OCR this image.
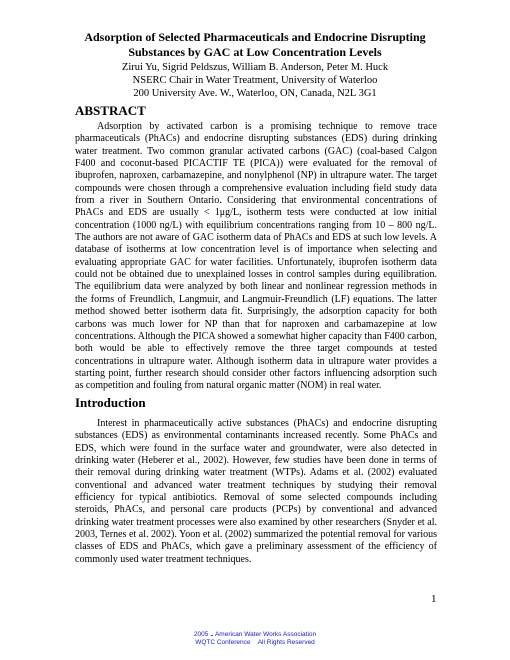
Adsorption of Selected Pharmaceuticals and Endocrine Disrupting
Substances by GAC at Low Concentration Levels
Zirui Yu, Sigrid Peldszus, William B. Anderson, Peter M. Huck
NSERC Chair in Water Treatment, University of Waterloo
200 University Ave. W., Waterloo, ON, Canada, N2L 3G1
ABSTRACT

Adsorption by activated carbon is a promising technique to remove trace pharmaceuticals (PhACs) and endocrine disrupting substances (EDS) during drinking water treatment. Two common granular activated carbons (GAC) (coal-based Calgon F400 and coconut-based PICACTIF TE (PICA)) were evaluated for the removal of ibuprofen, naproxen, carbamazepine, and nonylphenol (NP) in ultrapure water. The target compounds were chosen through a comprehensive evaluation including field study data from a river in Southern Ontario. Considering that environmental concentrations of PhACs and EDS are usually < 1μg/L, isotherm tests were conducted at low initial concentration (1000 ng/L) with equilibrium concentrations ranging from 10 – 800 ng/L. The authors are not aware of GAC isotherm data of PhACs and EDS at such low levels. A database of isotherms at low concentration level is of importance when selecting and evaluating appropriate GAC for water facilities. Unfortunately, ibuprofen isotherm data could not be obtained due to unexplained losses in control samples during equilibration. The equilibrium data were analyzed by both linear and nonlinear regression methods in the forms of Freundlich, Langmuir, and Langmuir-Freundlich (LF) equations. The latter method showed better isotherm data fit. Surprisingly, the adsorption capacity for both carbons was much lower for NP than that for naproxen and carbamazepine at low concentrations. Although the PICA showed a somewhat higher capacity than F400 carbon, both would be able to effectively remove the three target compounds at tested concentrations in ultrapure water. Although isotherm data in ultrapure water provides a starting point, further research should consider other factors influencing adsorption such as competition and fouling from natural organic matter (NOM) in real water.

Introduction

Interest in pharmaceutically active substances (PhACs) and endocrine disrupting substances (EDS) as environmental contaminants increased recently. Some PhACs and EDS, which were found in the surface water and groundwater, were also detected in drinking water (Heberer et al., 2002). However, few studies have been done in terms of their removal during drinking water treatment (WTPs). Adams et al. (2002) evaluated conventional and advanced water treatment techniques by studying their removal efficiency for typical antibiotics. Removal of some selected compounds including steroids, PhACs, and personal care products (PCPs) by conventional and advanced drinking water treatment processes were also examined by other researchers (Snyder et al. 2003, Ternes et al. 2002). Yoon et al. (2002) summarized the potential removal for various classes of EDS and PhACs, which gave a preliminary assessment of the efficiency of commonly used water treatment techniques.

1
2005 .. American Water Works Association
WQTC Conference All Rights Reserved
